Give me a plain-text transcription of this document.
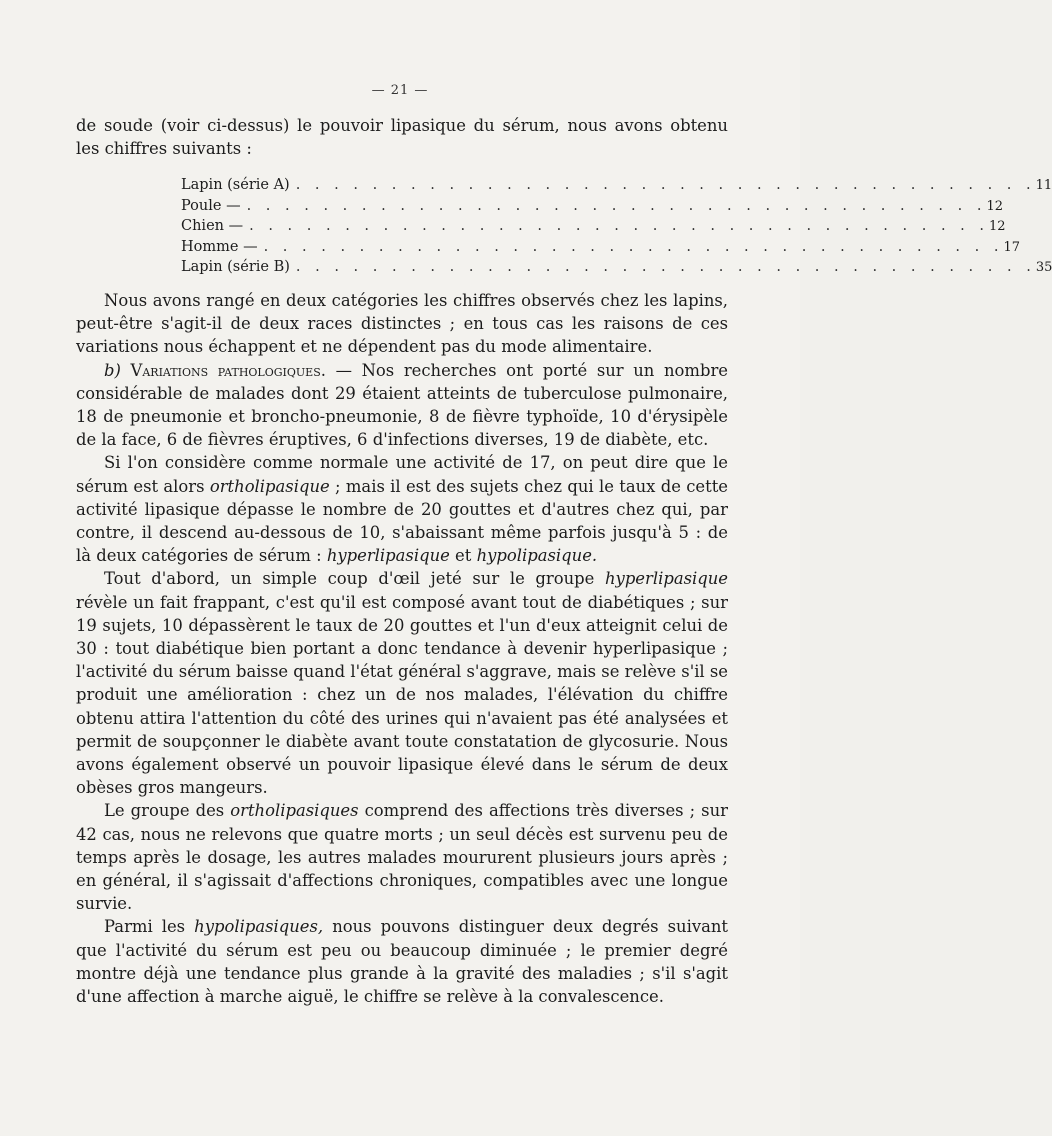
— 21 —

de soude (voir ci-dessus) le pouvoir lipasique du sérum, nous avons obtenu les chiffres suivants :

Lapin (série A) . . . . . . . . . . . . . . . . . . . . . . . . . . . . . . . . . . . . . . . 11
Poule — . . . . . . . . . . . . . . . . . . . . . . . . . . . . . . . . . . . . . . . 12
Chien — . . . . . . . . . . . . . . . . . . . . . . . . . . . . . . . . . . . . . . . 12
Homme — . . . . . . . . . . . . . . . . . . . . . . . . . . . . . . . . . . . . . . . 17
Lapin (série B) . . . . . . . . . . . . . . . . . . . . . . . . . . . . . . . . . . . . . . . 35

Nous avons rangé en deux catégories les chiffres observés chez les lapins, peut-être s'agit-il de deux races distinctes ; en tous cas les raisons de ces variations nous échappent et ne dépendent pas du mode alimentaire.

b) Variations pathologiques. — Nos recherches ont porté sur un nombre considérable de malades dont 29 étaient atteints de tuberculose pulmonaire, 18 de pneumonie et broncho-pneumonie, 8 de fièvre typhoïde, 10 d'érysipèle de la face, 6 de fièvres éruptives, 6 d'infections diverses, 19 de diabète, etc.

Si l'on considère comme normale une activité de 17, on peut dire que le sérum est alors ortholipasique ; mais il est des sujets chez qui le taux de cette activité lipasique dépasse le nombre de 20 gouttes et d'autres chez qui, par contre, il descend au-dessous de 10, s'abaissant même parfois jusqu'à 5 : de là deux catégories de sérum : hyperlipasique et hypolipasique.

Tout d'abord, un simple coup d'œil jeté sur le groupe hyperlipasique révèle un fait frappant, c'est qu'il est composé avant tout de diabétiques ; sur 19 sujets, 10 dépassèrent le taux de 20 gouttes et l'un d'eux atteignit celui de 30 : tout diabétique bien portant a donc tendance à devenir hyperlipasique ; l'activité du sérum baisse quand l'état général s'aggrave, mais se relève s'il se produit une amélioration : chez un de nos malades, l'élévation du chiffre obtenu attira l'attention du côté des urines qui n'avaient pas été analysées et permit de soupçonner le diabète avant toute constatation de glycosurie. Nous avons également observé un pouvoir lipasique élevé dans le sérum de deux obèses gros mangeurs.

Le groupe des ortholipasiques comprend des affections très diverses ; sur 42 cas, nous ne relevons que quatre morts ; un seul décès est survenu peu de temps après le dosage, les autres malades moururent plusieurs jours après ; en général, il s'agissait d'affections chroniques, compatibles avec une longue survie.

Parmi les hypolipasiques, nous pouvons distinguer deux degrés suivant que l'activité du sérum est peu ou beaucoup diminuée ; le premier degré montre déjà une tendance plus grande à la gravité des maladies ; s'il s'agit d'une affection à marche aiguë, le chiffre se relève à la convalescence.
